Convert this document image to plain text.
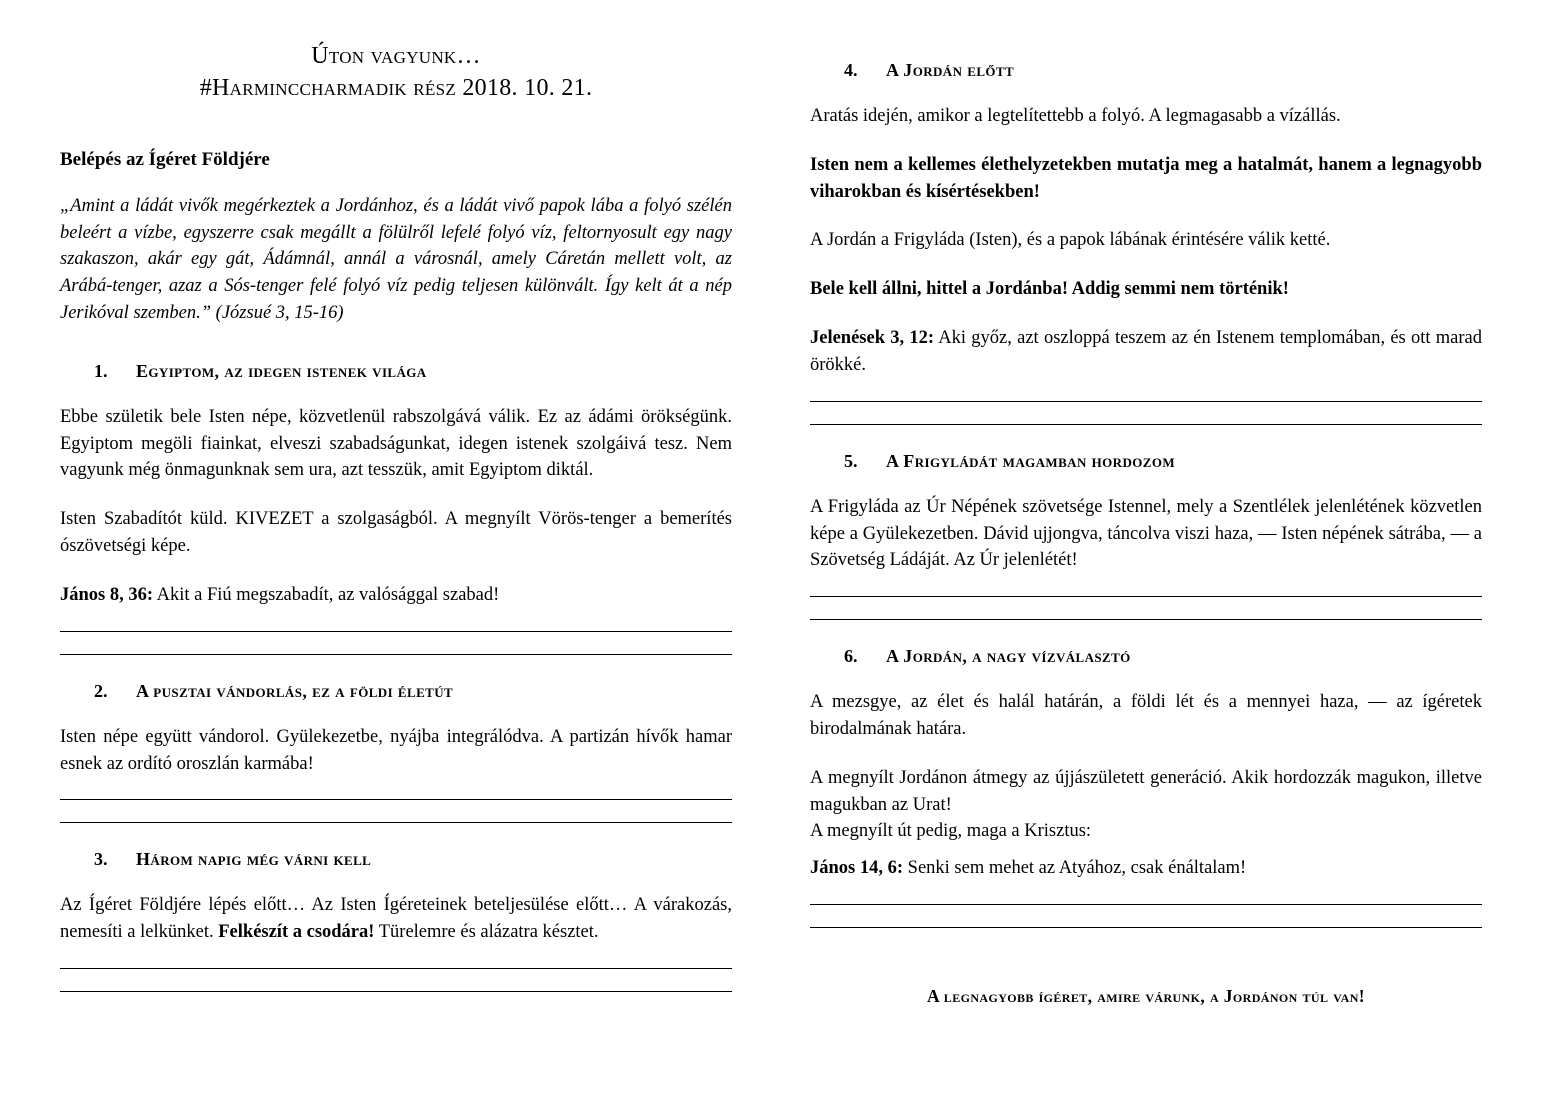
Úton vagyunk…
#Harminccharmadik rész 2018. 10. 21.
Belépés az Ígéret Földjére

„Amint a ládát vivők megérkeztek a Jordánhoz, és a ládát vivő papok lába a folyó szélén beleért a vízbe, egyszerre csak megállt a fölülről lefelé folyó víz, feltornyosult egy nagy szakaszon, akár egy gát, Ádámnál, annál a városnál, amely Cáretán mellett volt, az Arábá-tenger, azaz a Sós-tenger felé folyó víz pedig teljesen különvált. Így kelt át a nép Jerikóval szemben.” (Józsué 3, 15-16)

1.	Egyiptom, az idegen istenek világa

Ebbe születik bele Isten népe, közvetlenül rabszolgává válik. Ez az ádámi örökségünk. Egyiptom megöli fiainkat, elveszi szabadságunkat, idegen istenek szolgáivá tesz. Nem vagyunk még önmagunknak sem ura, azt tesszük, amit Egyiptom diktál.

Isten Szabadítót küld. KIVEZET a szolgaságból. A megnyílt Vörös-tenger a bemerítés ószövetségi képe.

János 8, 36: Akit a Fiú megszabadít, az valósággal szabad!

2.	A pusztai vándorlás, ez a földi életút

Isten népe együtt vándorol. Gyülekezetbe, nyájba integrálódva. A partizán hívők hamar esnek az ordító oroszlán karmába!

3.	Három napig még várni kell

Az Ígéret Földjére lépés előtt… Az Isten Ígéreteinek beteljesülése előtt… A várakozás, nemesíti a lelkünket. Felkészít a csodára! Türelemre és alázatra késztet.

4.	A Jordán előtt

Aratás idején, amikor a legtelítettebb a folyó. A legmagasabb a vízállás.

Isten nem a kellemes élethelyzetekben mutatja meg a hatalmát, hanem a legnagyobb viharokban és kísértésekben!

A Jordán a Frigyláda (Isten), és a papok lábának érintésére válik ketté.

Bele kell állni, hittel a Jordánba! Addig semmi nem történik!

Jelenések 3, 12: Aki győz, azt oszloppá teszem az én Istenem templomában, és ott marad örökké.

5.	A Frigyládát magamban hordozom

A Frigyláda az Úr Népének szövetsége Istennel, mely a Szentlélek jelenlétének közvetlen képe a Gyülekezetben. Dávid ujjongva, táncolva viszi haza, — Isten népének sátrába, — a Szövetség Ládáját. Az Úr jelenlétét!

6.	A Jordán, a nagy vízválasztó

A mezsgye, az élet és halál határán, a földi lét és a mennyei haza, — az ígéretek birodalmának határa.

A megnyílt Jordánon átmegy az újjászületett generáció. Akik hordozzák magukon, illetve magukban az Urat!

A megnyílt út pedig, maga a Krisztus:

János 14, 6: Senki sem mehet az Atyához, csak énáltalam!

A legnagyobb ígéret, amire várunk, a Jordánon túl van!
